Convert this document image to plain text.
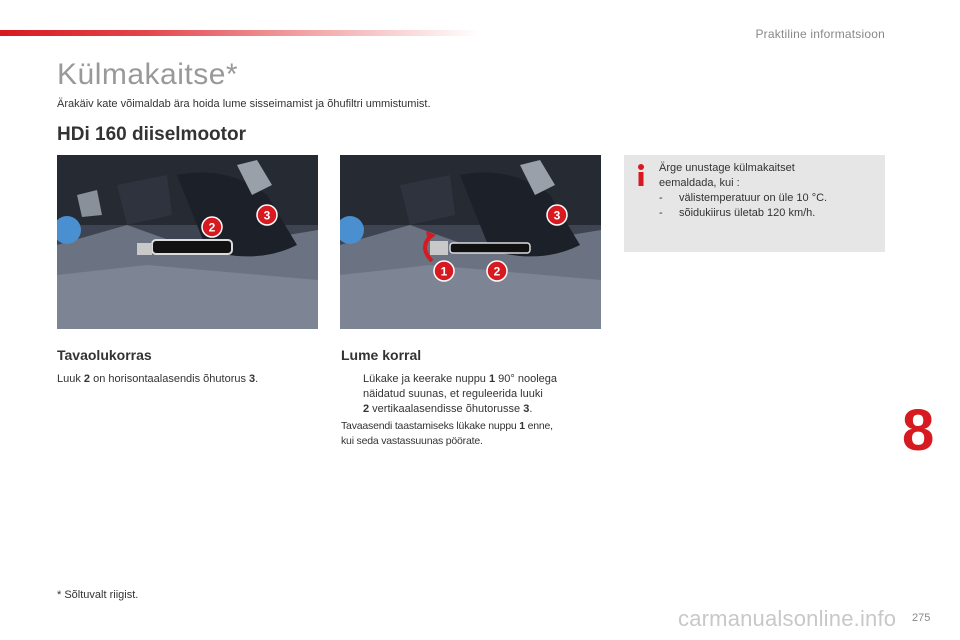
Praktiline informatsioon
Külmakaitse*
Ärakäiv kate võimaldab ära hoida lume sisseimamist ja õhufiltri ummistumist.
HDi 160 diiselmootor
2
3
1	2
3
Ärge unustage külmakaitset
eemaldada, kui :
-	välistemperatuur on üle 10 °C.
-	sõidukiirus ületab 120 km/h.
Tavaolukorras
Luuk 2 on horisontaalasendis õhutorus 3.
Lume korral
Lükake ja keerake nuppu 1 90° noolega
näidatud suunas, et reguleerida luuki
2 vertikaalasendisse õhutorusse 3.
Tavaasendi taastamiseks lükake nuppu 1 enne,
kui seda vastassuunas pöörate.	8
* Sõltuvalt riigist.
275
carmanualsonline.info
